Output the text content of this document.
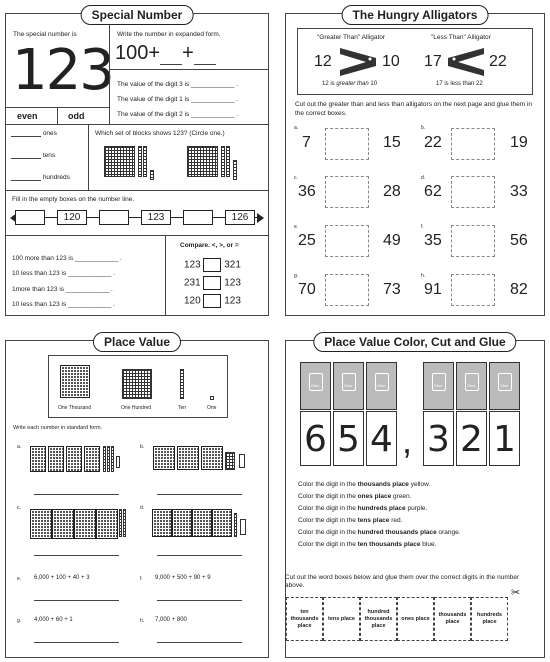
Special Number
The special number is
123
Write the number in expanded form.
100+ +
The value of the digit 3 is ____________ .
The value of the digit 1 is ____________ .
The value of the digit 2 is ____________ .
even	odd
ones
tens
hundreds
Which set of blocks shows 123? (Circle one.)
Fill in the empty boxes on the number line.
120	123	126
100 more than 123 is ____________ .
10 less than 123 is ____________ .
1more than 123 is ____________ .
10 less than 123 is ____________ .
Compare. <, >, or =
123 321
231 123
120 123
The Hungry Alligators
"Greater Than" Alligator	"Less Than" Alligator
12	10
12 is greater than 10
17	22
17 is less than 22
Cut out the greater than and less than alligators on the next page and glue them in the correct boxes.
a.
7	15
b.
22	19
c.
36	28
d.
62	33
e.
25	49
f.
35	56
g.
70	73
h.
91	82
Place Value
One Thousand	One Hundred	Ten	One
Write each number in standard form.
a.	b.
c.	d.
e. 6,000 + 100 + 40 + 3	f. 9,000 + 500 + 90 + 9
g. 4,000 + 60 + 1	h. 7,000 + 800
Place Value Color, Cut and Glue
Glue	Glue	Glue	Glue	Glue	Glue
6 5 4 , 3 2 1
Color the digit in the thousands place yellow.
Color the digit in the ones place green.
Color the digit in the hundreds place purple.
Color the digit in the tens place red.
Color the digit in the hundred thousands place orange.
Color the digit in the ten thousands place blue.
Cut out the word boxes below and glue them over the correct digits in the number above.
✂
ten thousands place
tens place
hundred thousands place
ones place
thousands place
hundreds place
